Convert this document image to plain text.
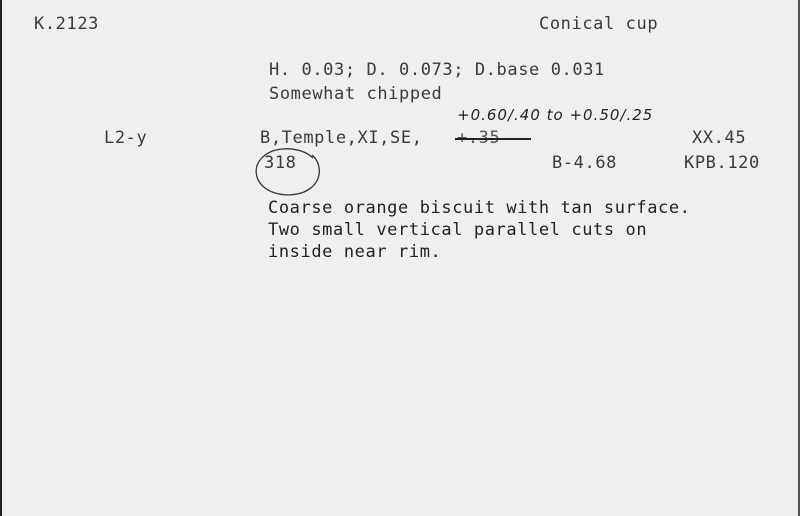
K.2123	Conical cup
H. 0.03; D. 0.073; D.base 0.031
Somewhat chipped
+0.60/.40 to +0.50/.25
L2-y	B,Temple,XI,SE, +.35	XX.45
318	B-4.68	KPB.120
Coarse orange biscuit with tan surface.
Two small vertical parallel cuts on
inside near rim.
